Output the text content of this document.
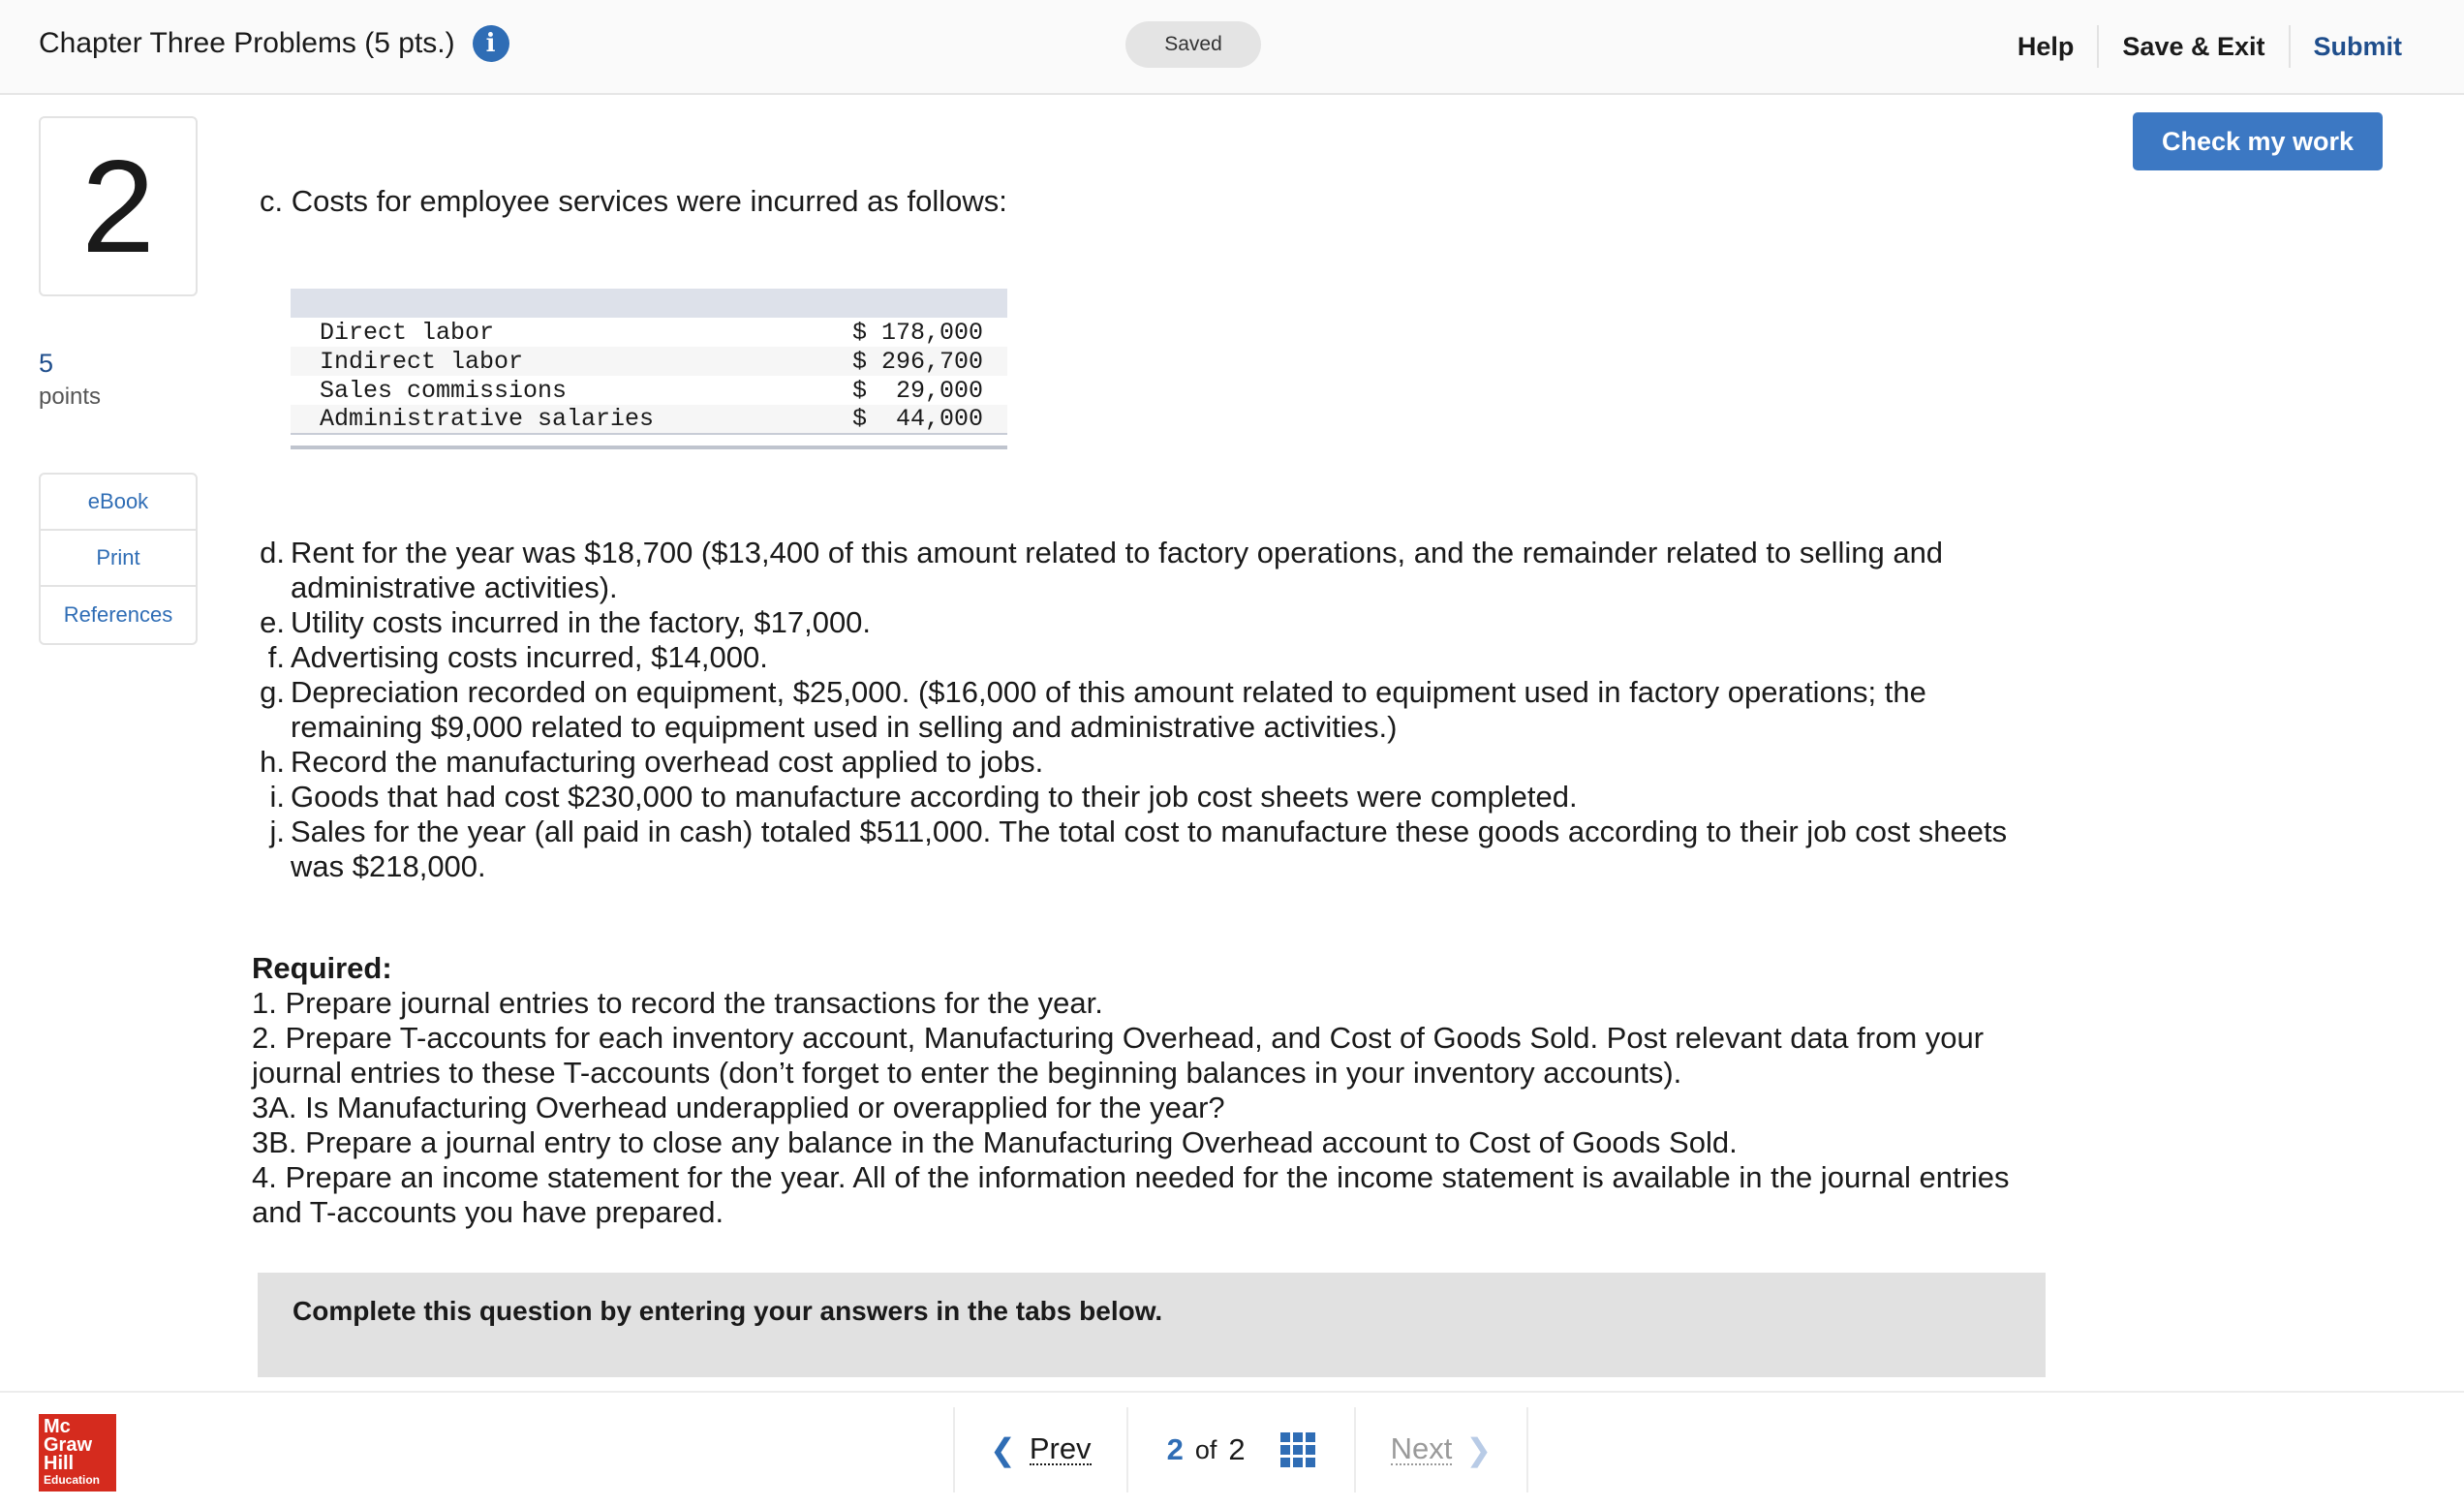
Chapter Three Problems (5 pts.)	i	Saved	Help	Save & Exit	Submit
Check my work
2
5
points
eBook
Print
References
c. Costs for employee services were incurred as follows:

Direct labor	$ 178,000
Indirect labor	$ 296,700
Sales commissions	$  29,000
Administrative salaries	$  44,000

d. Rent for the year was $18,700 ($13,400 of this amount related to factory operations, and the remainder related to selling and administrative activities).
e. Utility costs incurred in the factory, $17,000.
f. Advertising costs incurred, $14,000.
g. Depreciation recorded on equipment, $25,000. ($16,000 of this amount related to equipment used in factory operations; the remaining $9,000 related to equipment used in selling and administrative activities.)
h. Record the manufacturing overhead cost applied to jobs.
i. Goods that had cost $230,000 to manufacture according to their job cost sheets were completed.
j. Sales for the year (all paid in cash) totaled $511,000. The total cost to manufacture these goods according to their job cost sheets was $218,000.
Required:
1. Prepare journal entries to record the transactions for the year.
2. Prepare T-accounts for each inventory account, Manufacturing Overhead, and Cost of Goods Sold. Post relevant data from your journal entries to these T-accounts (don’t forget to enter the beginning balances in your inventory accounts).
3A. Is Manufacturing Overhead underapplied or overapplied for the year?
3B. Prepare a journal entry to close any balance in the Manufacturing Overhead account to Cost of Goods Sold.
4. Prepare an income statement for the year. All of the information needed for the income statement is available in the journal entries and T-accounts you have prepared.
Complete this question by entering your answers in the tabs below.
Mc
Graw
Hill
Education
❮ Prev	2 of 2	Next ❯
